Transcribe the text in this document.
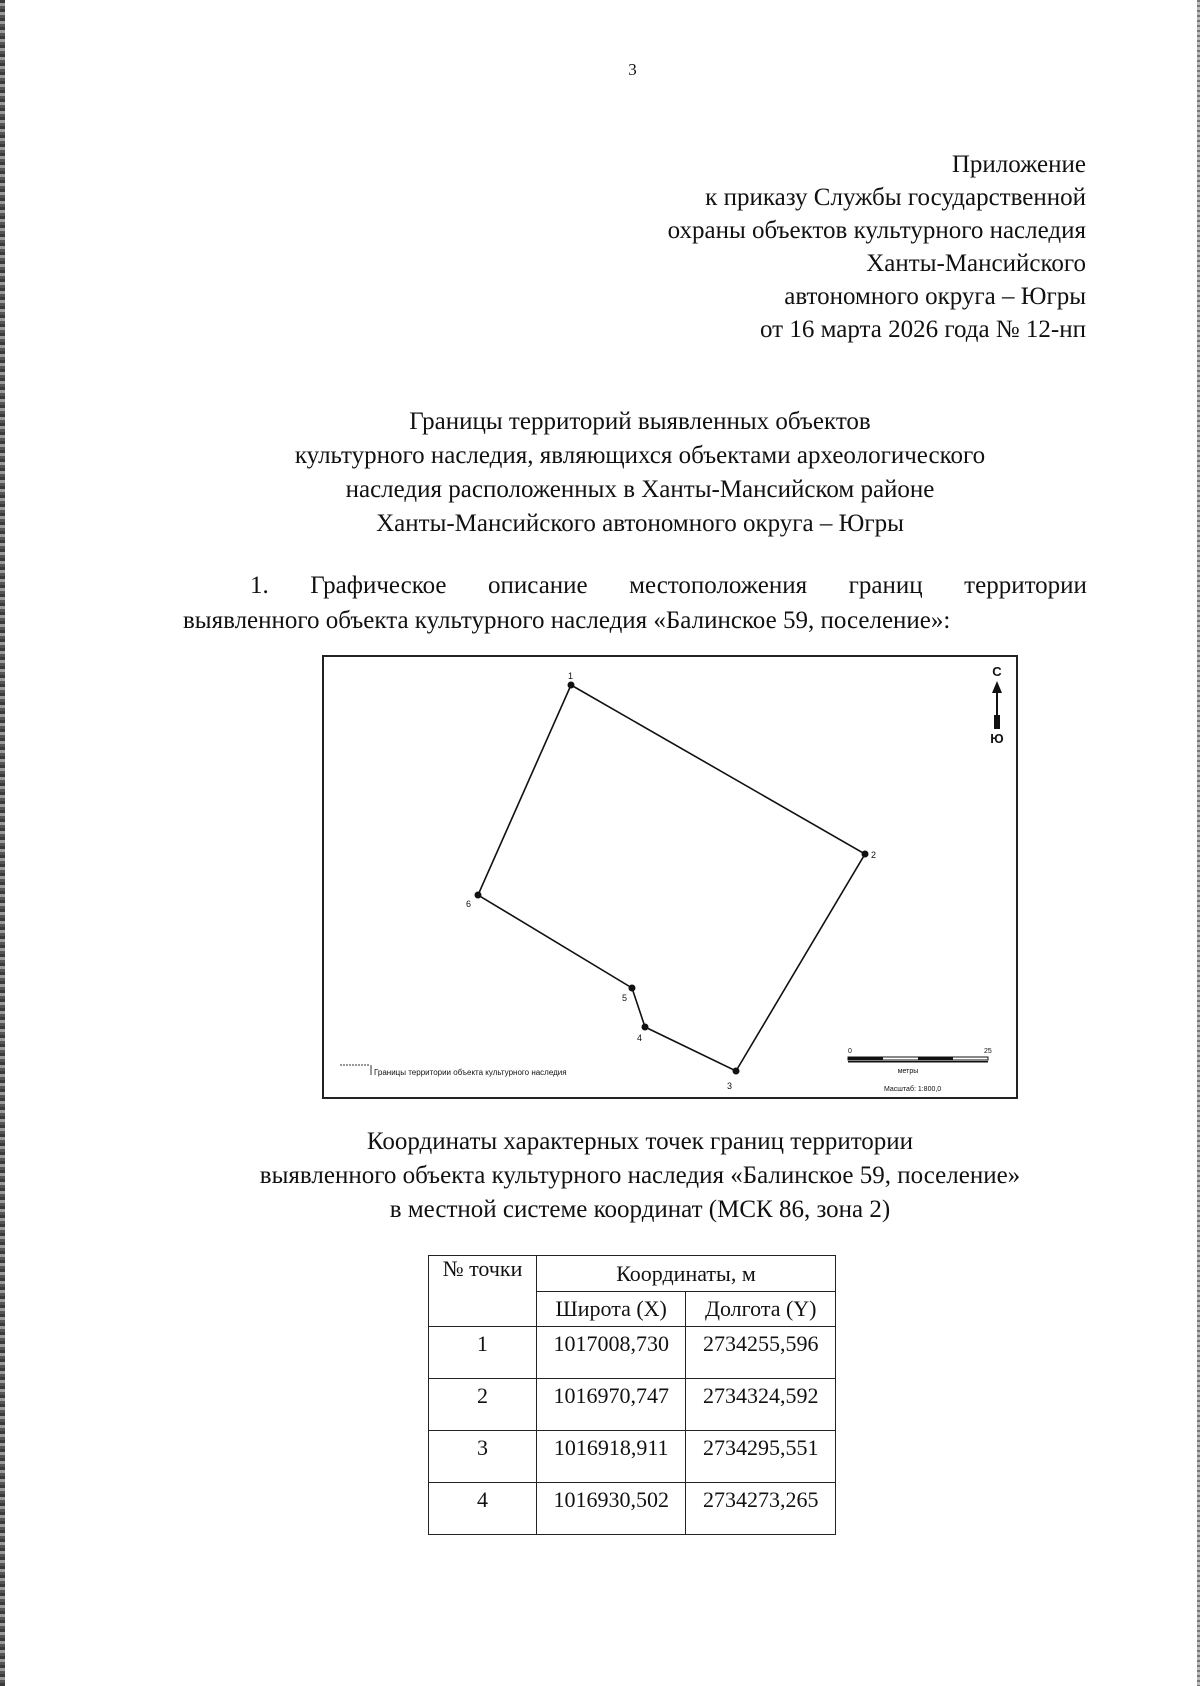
3
Приложение
к приказу Службы государственной
охраны объектов культурного наследия
Ханты-Мансийского
автономного округа – Югры
от 16 марта 2026 года № 12-нп
Границы территорий выявленных объектов
культурного наследия, являющихся объектами археологического
наследия расположенных в Ханты-Мансийском районе
Ханты-Мансийского автономного округа – Югры
1. Графическое описание местоположения границ территории
выявленного объекта культурного наследия «Балинское 59, поселение»:
1
2
3
4
5
6
С
Ю
Границы территории объекта культурного наследия
0	25
метры
Масштаб: 1:800,0
Координаты характерных точек границ территории
выявленного объекта культурного наследия «Балинское 59, поселение»
в местной системе координат (МСК 86, зона 2)
№ точки	Координаты, м	
	Широта (X)	Долгота (Y)
1	1017008,730	2734255,596
2	1016970,747	2734324,592
3	1016918,911	2734295,551
4	1016930,502	2734273,265
